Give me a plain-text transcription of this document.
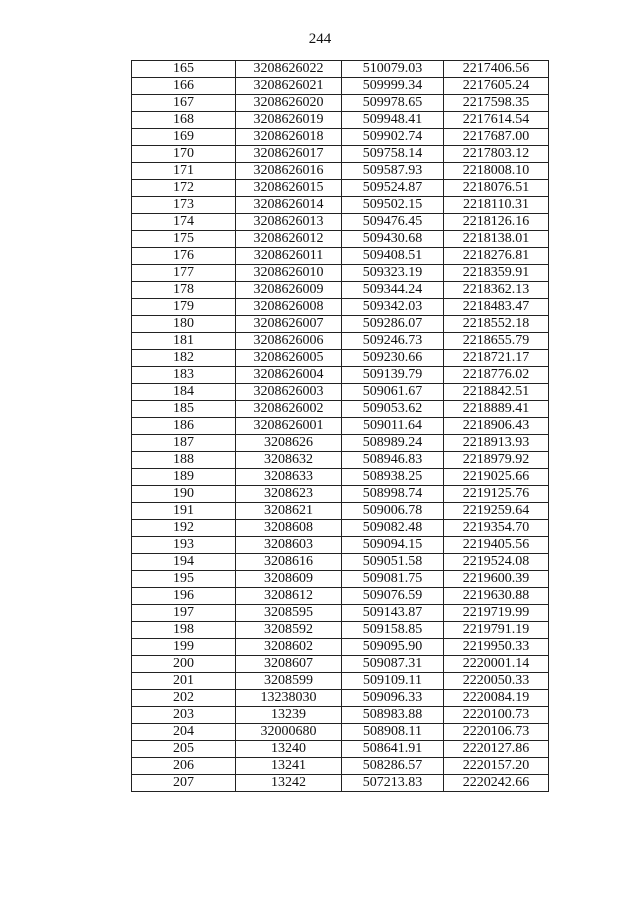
244
165	3208626022	510079.03	2217406.56
166	3208626021	509999.34	2217605.24
167	3208626020	509978.65	2217598.35
168	3208626019	509948.41	2217614.54
169	3208626018	509902.74	2217687.00
170	3208626017	509758.14	2217803.12
171	3208626016	509587.93	2218008.10
172	3208626015	509524.87	2218076.51
173	3208626014	509502.15	2218110.31
174	3208626013	509476.45	2218126.16
175	3208626012	509430.68	2218138.01
176	3208626011	509408.51	2218276.81
177	3208626010	509323.19	2218359.91
178	3208626009	509344.24	2218362.13
179	3208626008	509342.03	2218483.47
180	3208626007	509286.07	2218552.18
181	3208626006	509246.73	2218655.79
182	3208626005	509230.66	2218721.17
183	3208626004	509139.79	2218776.02
184	3208626003	509061.67	2218842.51
185	3208626002	509053.62	2218889.41
186	3208626001	509011.64	2218906.43
187	3208626	508989.24	2218913.93
188	3208632	508946.83	2218979.92
189	3208633	508938.25	2219025.66
190	3208623	508998.74	2219125.76
191	3208621	509006.78	2219259.64
192	3208608	509082.48	2219354.70
193	3208603	509094.15	2219405.56
194	3208616	509051.58	2219524.08
195	3208609	509081.75	2219600.39
196	3208612	509076.59	2219630.88
197	3208595	509143.87	2219719.99
198	3208592	509158.85	2219791.19
199	3208602	509095.90	2219950.33
200	3208607	509087.31	2220001.14
201	3208599	509109.11	2220050.33
202	13238030	509096.33	2220084.19
203	13239	508983.88	2220100.73
204	32000680	508908.11	2220106.73
205	13240	508641.91	2220127.86
206	13241	508286.57	2220157.20
207	13242	507213.83	2220242.66
